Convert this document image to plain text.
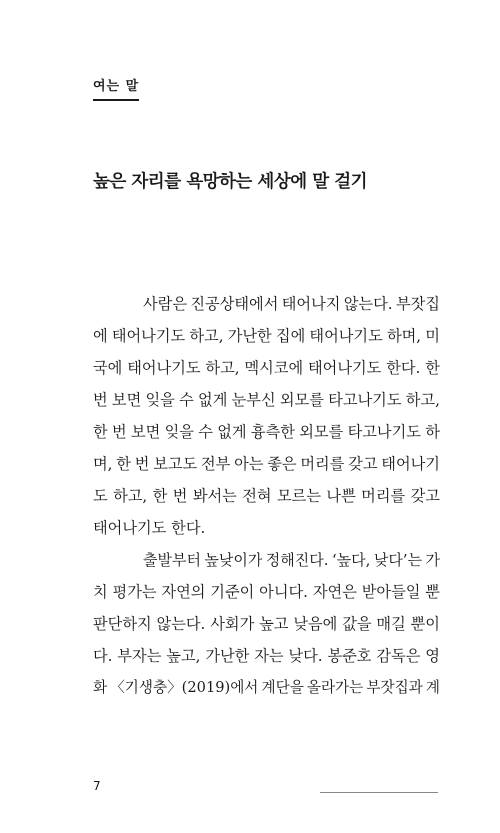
여는 말
높은 자리를 욕망하는 세상에 말 걸기
사람은 진공상태에서 태어나지 않는다. 부잣집
에 태어나기도 하고, 가난한 집에 태어나기도 하며, 미
국에 태어나기도 하고, 멕시코에 태어나기도 한다. 한
번 보면 잊을 수 없게 눈부신 외모를 타고나기도 하고,
한 번 보면 잊을 수 없게 흉측한 외모를 타고나기도 하
며, 한 번 보고도 전부 아는 좋은 머리를 갖고 태어나기
도 하고, 한 번 봐서는 전혀 모르는 나쁜 머리를 갖고
태어나기도 한다.
출발부터 높낮이가 정해진다. ‘높다, 낮다’는 가
치 평가는 자연의 기준이 아니다. 자연은 받아들일 뿐
판단하지 않는다. 사회가 높고 낮음에 값을 매길 뿐이
다. 부자는 높고, 가난한 자는 낮다. 봉준호 감독은 영
화 〈기생충〉(2019)에서 계단을 올라가는 부잣집과 계
7
